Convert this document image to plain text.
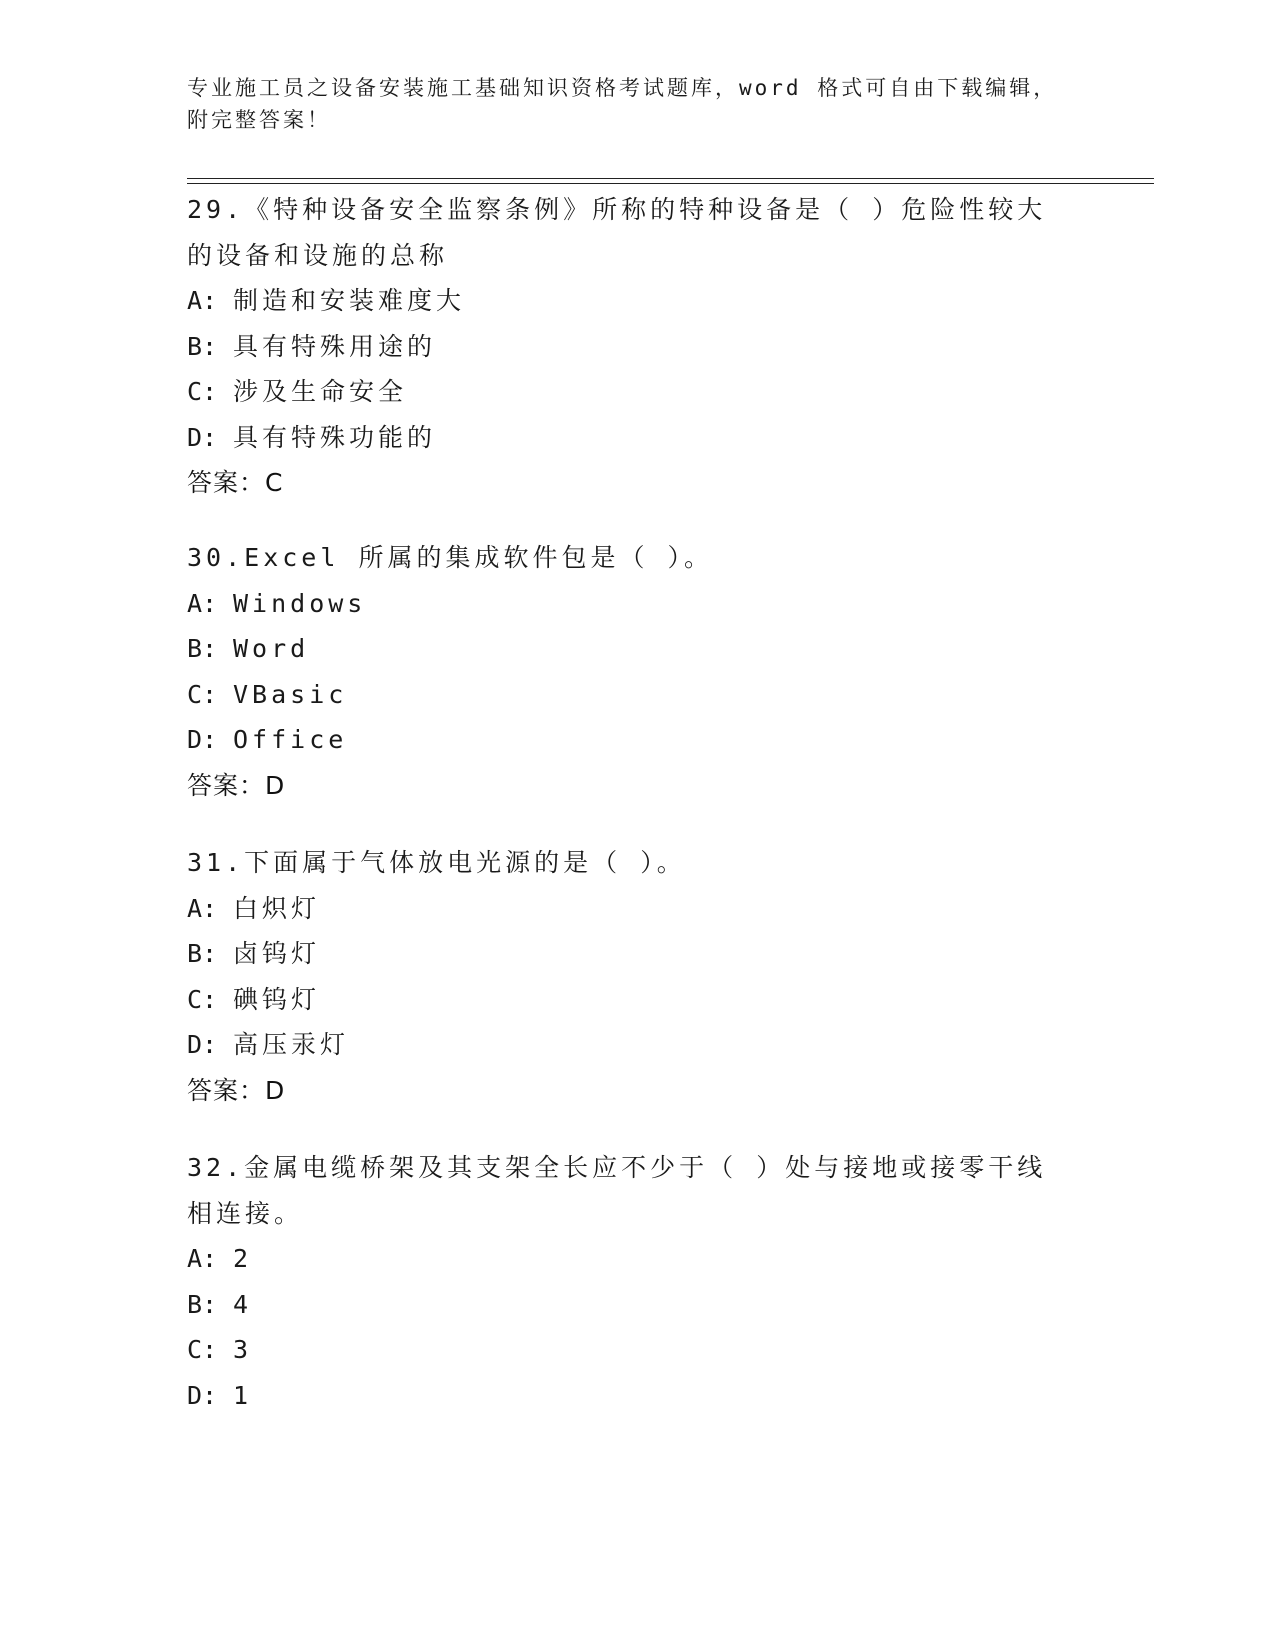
专业施工员之设备安装施工基础知识资格考试题库，word 格式可自由下载编辑，附完整答案！
29.《特种设备安全监察条例》所称的特种设备是（ ）危险性较大的设备和设施的总称
A: 制造和安装难度大
B: 具有特殊用途的
C: 涉及生命安全
D: 具有特殊功能的
答案：C
30.Excel 所属的集成软件包是（ ）。
A: Windows
B: Word
C: VBasic
D: Office
答案：D
31.下面属于气体放电光源的是（ ）。
A: 白炽灯
B: 卤钨灯
C: 碘钨灯
D: 高压汞灯
答案：D
32.金属电缆桥架及其支架全长应不少于（ ）处与接地或接零干线相连接。
A: 2
B: 4
C: 3
D: 1
